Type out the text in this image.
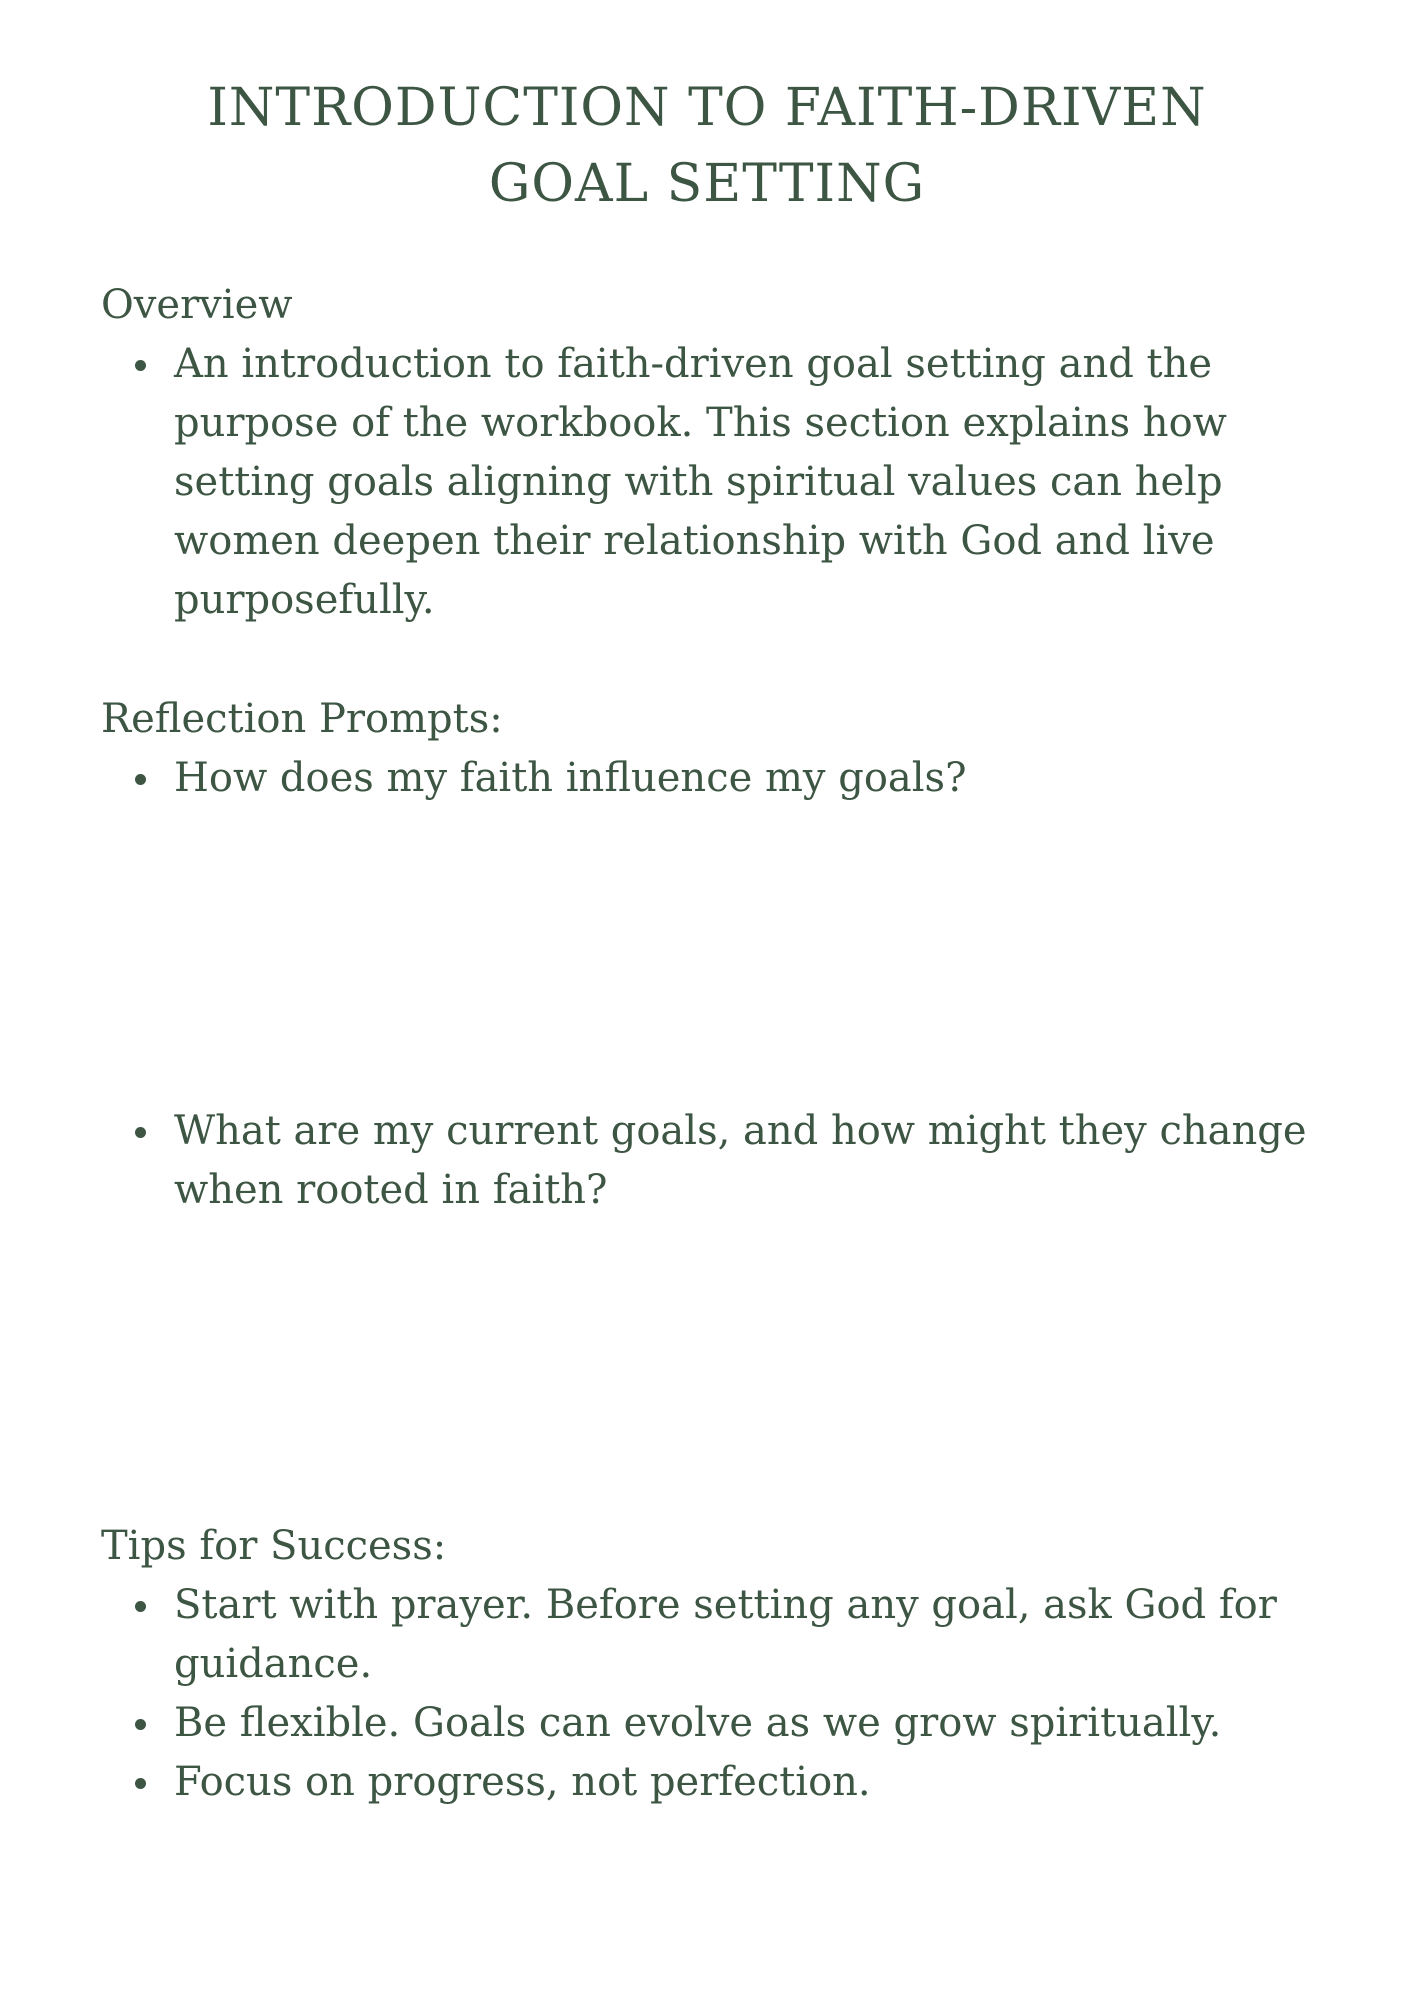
INTRODUCTION TO FAITH-DRIVEN
GOAL SETTING

Overview

An introduction to faith-driven goal setting and the purpose of the workbook. This section explains how setting goals aligning with spiritual values can help women deepen their relationship with God and live purposefully.

Reflection Prompts:

How does my faith influence my goals?
What are my current goals, and how might they change when rooted in faith?

Tips for Success:

Start with prayer. Before setting any goal, ask God for guidance.
Be flexible. Goals can evolve as we grow spiritually.
Focus on progress, not perfection.
